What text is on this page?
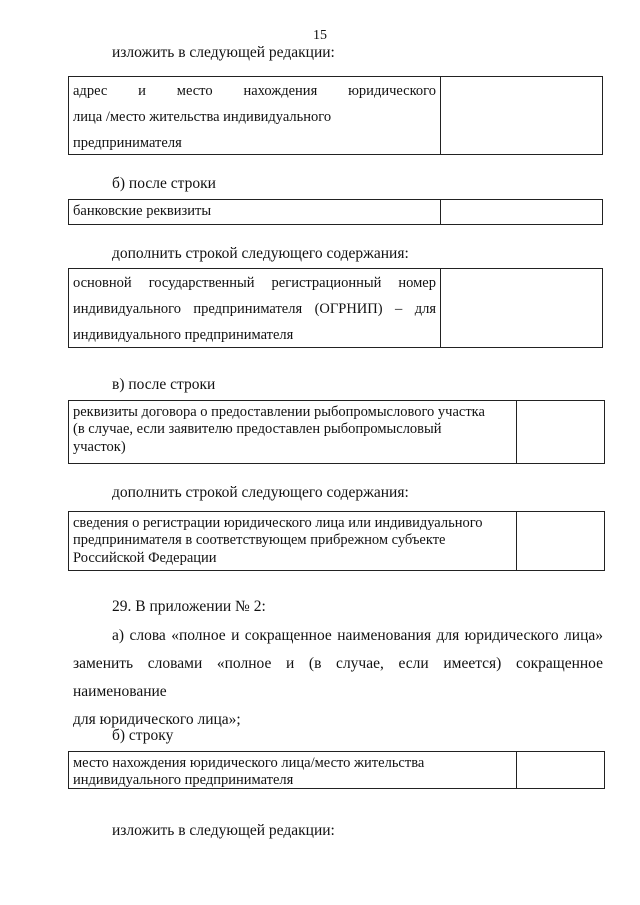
15
изложить в следующей редакции:
адрес и место нахождения юридического
лица /место жительства индивидуального
предпринимателя
б) после строки
банковские реквизиты
дополнить строкой следующего содержания:
основной государственный регистрационный номер
индивидуального предпринимателя (ОГРНИП) – для
индивидуального предпринимателя
в) после строки
реквизиты договора о предоставлении рыбопромыслового участка
(в случае, если заявителю предоставлен рыбопромысловый
участок)
дополнить строкой следующего содержания:
сведения о регистрации юридического лица или индивидуального
предпринимателя в соответствующем прибрежном субъекте
Российской Федерации
29. В приложении № 2:
а) слова «полное и сокращенное наименования для юридического лица»
заменить словами «полное и (в случае, если имеется) сокращенное наименование
для юридического лица»;
б) строку
место нахождения юридического лица/место жительства
индивидуального предпринимателя
изложить в следующей редакции:
